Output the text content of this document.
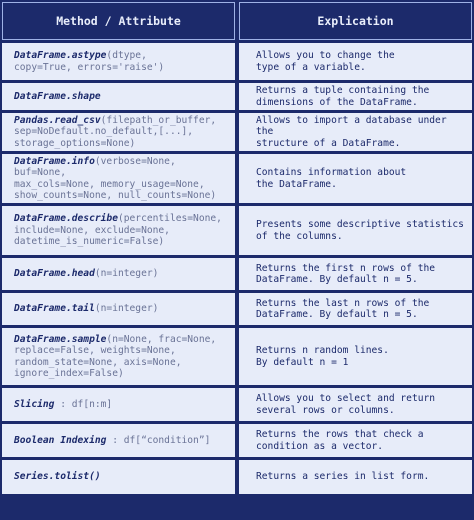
Method / Attribute	Explication
DataFrame.astype(dtype,
copy=True, errors='raise')
Allows you to change the
type of a variable.
DataFrame.shape
Returns a tuple containing the
dimensions of the DataFrame.
Pandas.read_csv(filepath_or_buffer,
sep=NoDefault.no_default,[...],
storage_options=None)
Allows to import a database under the
structure of a DataFrame.
DataFrame.info(verbose=None, buf=None,
max_cols=None, memory_usage=None,
show_counts=None, null_counts=None)
Contains information about
the DataFrame.
DataFrame.describe(percentiles=None,
include=None, exclude=None,
datetime_is_numeric=False)
Presents some descriptive statistics
of the columns.
DataFrame.head(n=integer)
Returns the first n rows of the
DataFrame. By default n = 5.
DataFrame.tail(n=integer)
Returns the last n rows of the
DataFrame. By default n = 5.
DataFrame.sample(n=None, frac=None,
replace=False, weights=None,
random_state=None, axis=None,
ignore_index=False)
Returns n random lines.
By default n = 1
Slicing : df[n:m]
Allows you to select and return
several rows or columns.
Boolean Indexing : df[“condition”]
Returns the rows that check a
condition as a vector.
Series.tolist()	Returns a series in list form.
